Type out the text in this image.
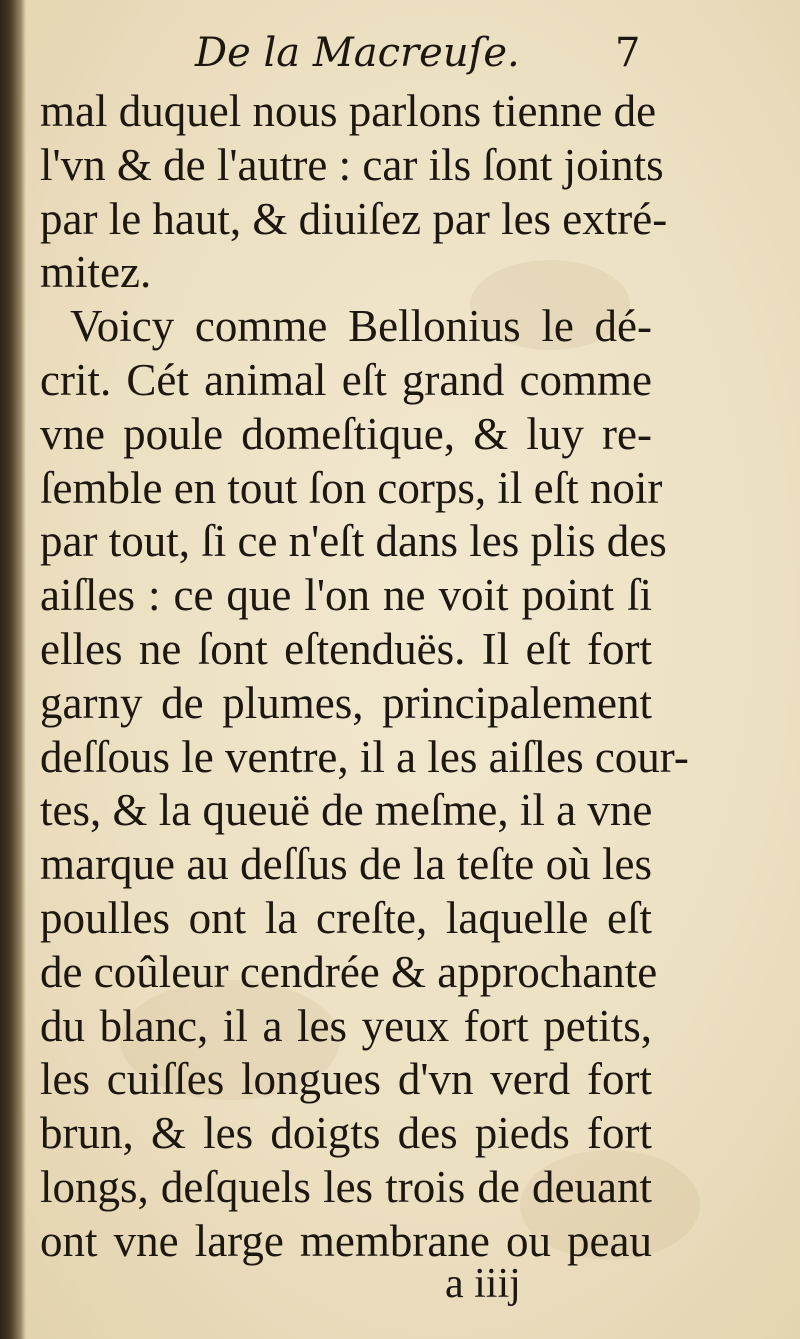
De la Macreuſe. 7
mal duquel nous parlons tienne de
l'vn & de l'autre : car ils ſont joints
par le haut, & diuiſez par les extré-
mitez.
Voicy comme Bellonius le dé-
crit. Cét animal eſt grand comme
vne poule domeſtique, & luy re-
ſemble en tout ſon corps, il eſt noir
par tout, ſi ce n'eſt dans les plis des
aiſles : ce que l'on ne voit point ſi
elles ne ſont eſtenduës. Il eſt fort
garny de plumes, principalement
deſſous le ventre, il a les aiſles cour-
tes, & la queuë de meſme, il a vne
marque au deſſus de la teſte où les
poulles ont la creſte, laquelle eſt
de coûleur cendrée & approchante
du blanc, il a les yeux fort petits,
les cuiſſes longues d'vn verd fort
brun, & les doigts des pieds fort
longs, deſquels les trois de deuant
ont vne large membrane ou peau
a iiij
